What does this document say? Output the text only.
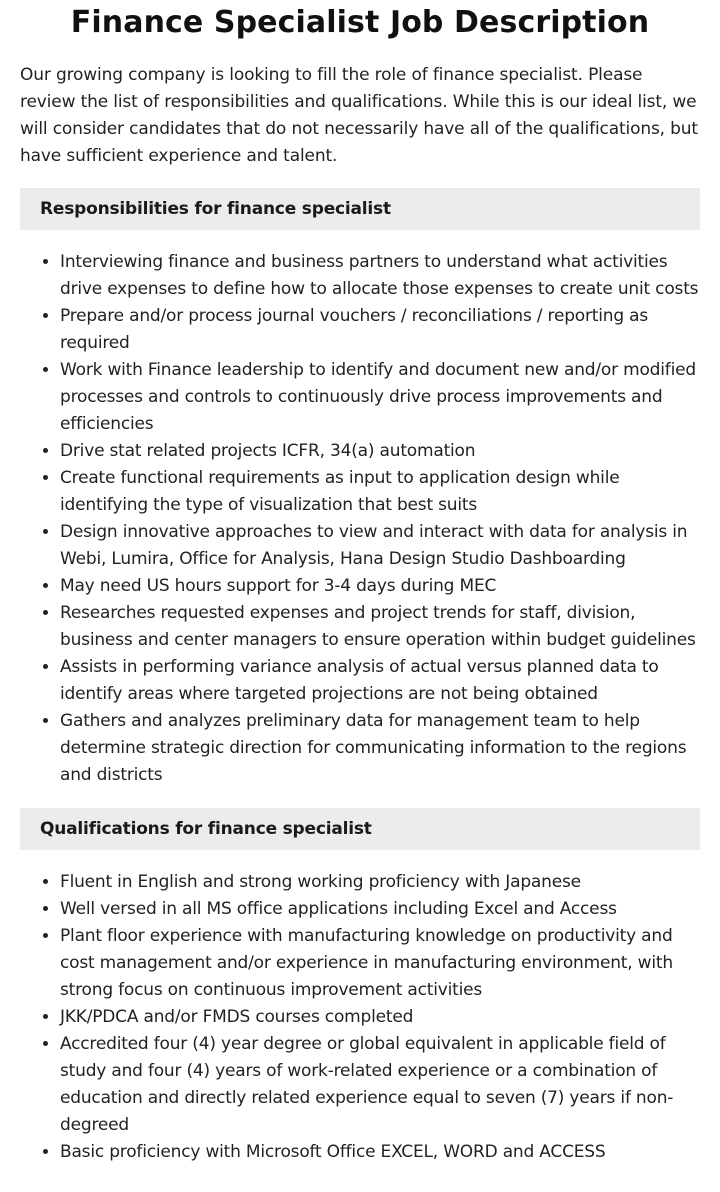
Finance Specialist Job Description

Our growing company is looking to fill the role of finance specialist. Please review the list of responsibilities and qualifications. While this is our ideal list, we will consider candidates that do not necessarily have all of the qualifications, but have sufficient experience and talent.

Responsibilities for finance specialist
• Interviewing finance and business partners to understand what activities drive expenses to define how to allocate those expenses to create unit costs
• Prepare and/or process journal vouchers / reconciliations / reporting as required
• Work with Finance leadership to identify and document new and/or modified processes and controls to continuously drive process improvements and efficiencies
• Drive stat related projects ICFR, 34(a) automation
• Create functional requirements as input to application design while identifying the type of visualization that best suits
• Design innovative approaches to view and interact with data for analysis in Webi, Lumira, Office for Analysis, Hana Design Studio Dashboarding
• May need US hours support for 3-4 days during MEC
• Researches requested expenses and project trends for staff, division, business and center managers to ensure operation within budget guidelines
• Assists in performing variance analysis of actual versus planned data to identify areas where targeted projections are not being obtained
• Gathers and analyzes preliminary data for management team to help determine strategic direction for communicating information to the regions and districts
Qualifications for finance specialist
• Fluent in English and strong working proficiency with Japanese
• Well versed in all MS office applications including Excel and Access
• Plant floor experience with manufacturing knowledge on productivity and cost management and/or experience in manufacturing environment, with strong focus on continuous improvement activities
• JKK/PDCA and/or FMDS courses completed
• Accredited four (4) year degree or global equivalent in applicable field of study and four (4) years of work-related experience or a combination of education and directly related experience equal to seven (7) years if non-degreed
• Basic proficiency with Microsoft Office EXCEL, WORD and ACCESS
